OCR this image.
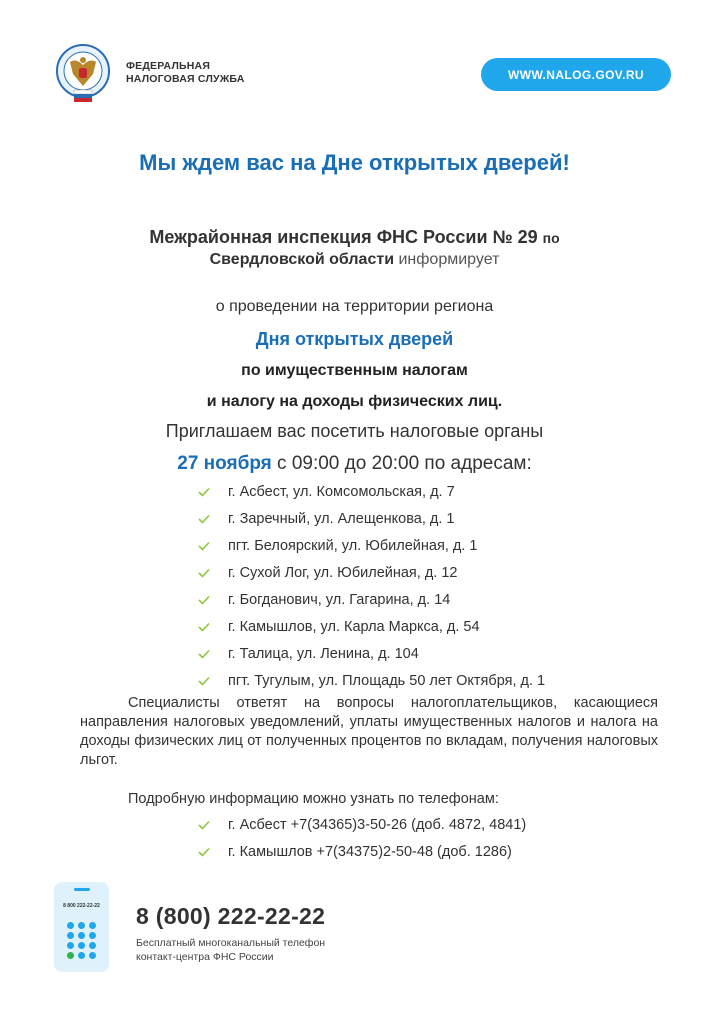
ФЕДЕРАЛЬНАЯ
НАЛОГОВАЯ СЛУЖБА	WWW.NALOG.GOV.RU
Мы ждем вас на Дне открытых дверей!
Межрайонная инспекция ФНС России № 29 по
Свердловской области информирует
о проведении на территории региона
Дня открытых дверей
по имущественным налогам
и налогу на доходы физических лиц.
Приглашаем вас посетить налоговые органы
27 ноября с 09:00 до 20:00 по адресам:
г. Асбест, ул. Комсомольская, д. 7
г. Заречный, ул. Алещенкова, д. 1
пгт. Белоярский, ул. Юбилейная, д. 1
г. Сухой Лог, ул. Юбилейная, д. 12
г. Богданович, ул. Гагарина, д. 14
г. Камышлов, ул. Карла Маркса, д. 54
г. Талица, ул. Ленина, д. 104
пгт. Тугулым, ул. Площадь 50 лет Октября, д. 1
Специалисты ответят на вопросы налогоплательщиков, касающиеся направления налоговых уведомлений, уплаты имущественных налогов и налога на доходы физических лиц от полученных процентов по вкладам, получения налоговых льгот.
Подробную информацию можно узнать по телефонам:
г. Асбест +7(34365)3-50-26 (доб. 4872, 4841)
г. Камышлов +7(34375)2-50-48 (доб. 1286)
8 800 222-22-22	8 (800) 222-22-22
Бесплатный многоканальный телефон
контакт-центра ФНС России
